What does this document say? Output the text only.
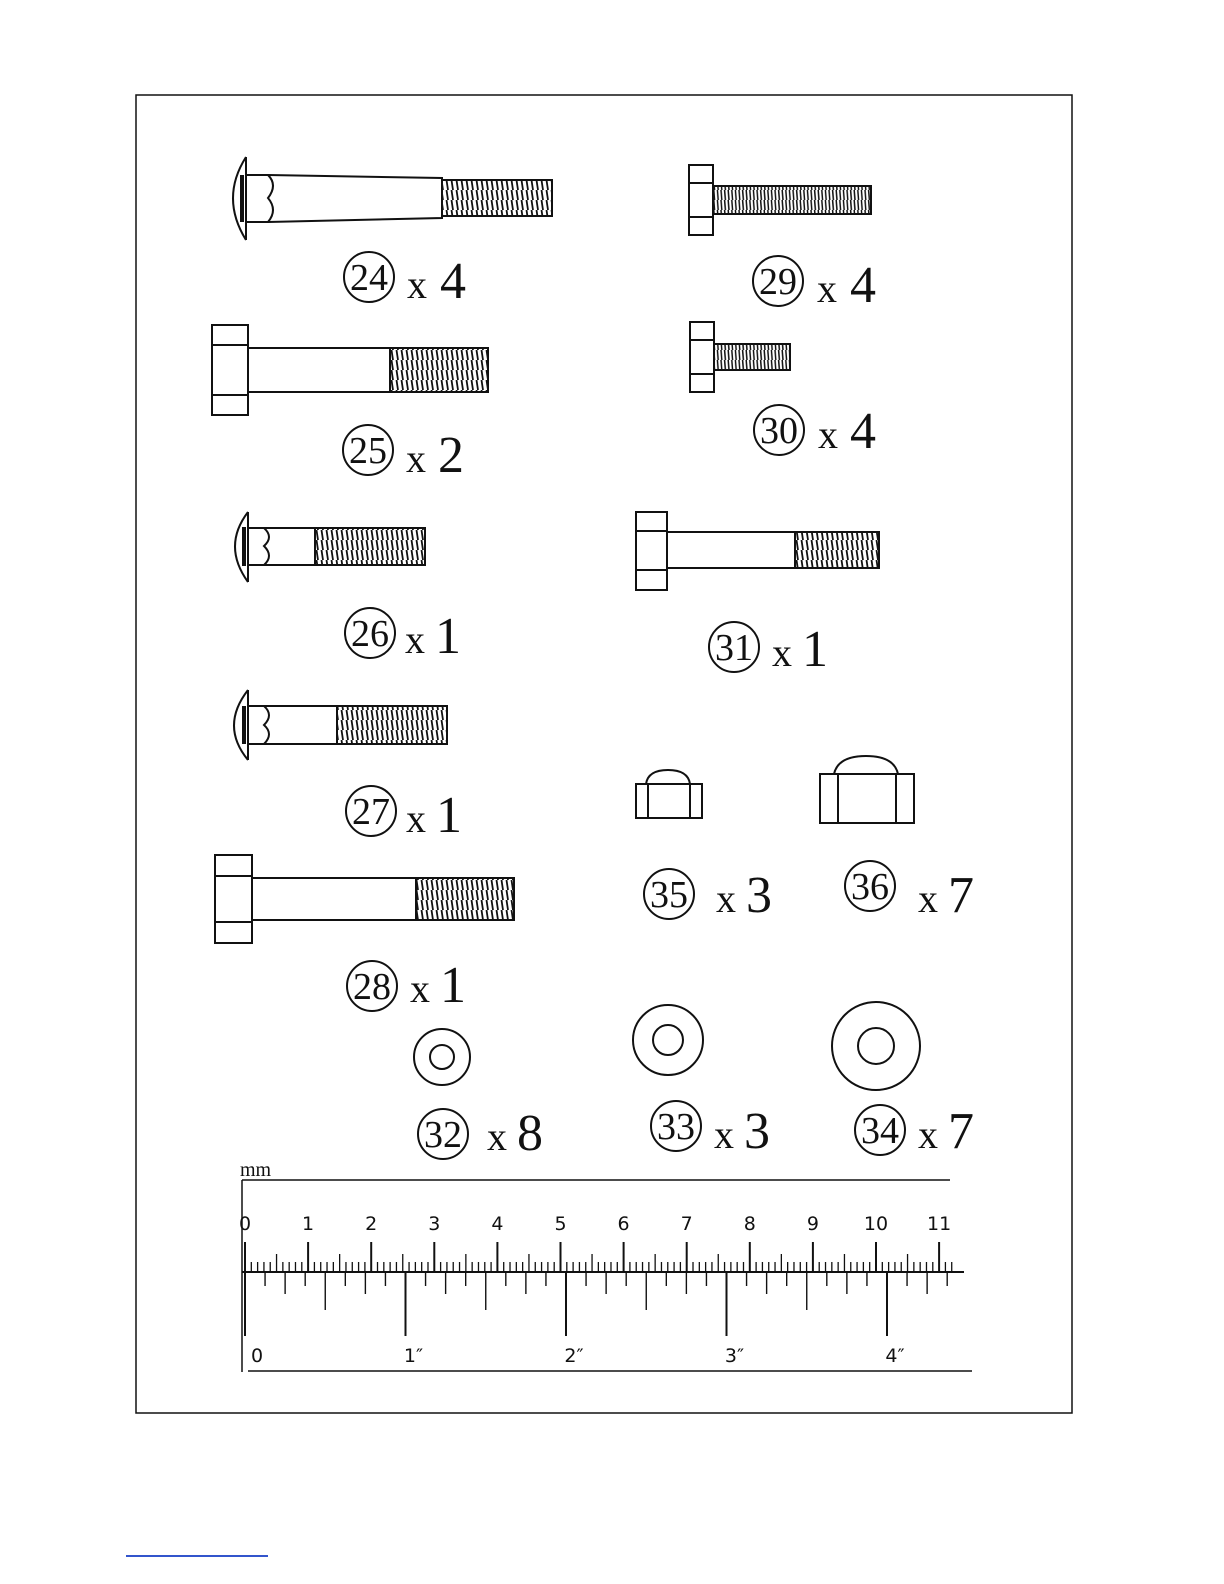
24 x 4
25 x 2
26 x 1
27 x 1
28 x 1
29 x 4
30 x 4
31 x 1
35 x 3 36 x 7
32 x 8	33 x 3 34 x 7
mm
0	1	2	3	4	5	6	7	8	9 10 11
0	1″	2″	3″	4″
